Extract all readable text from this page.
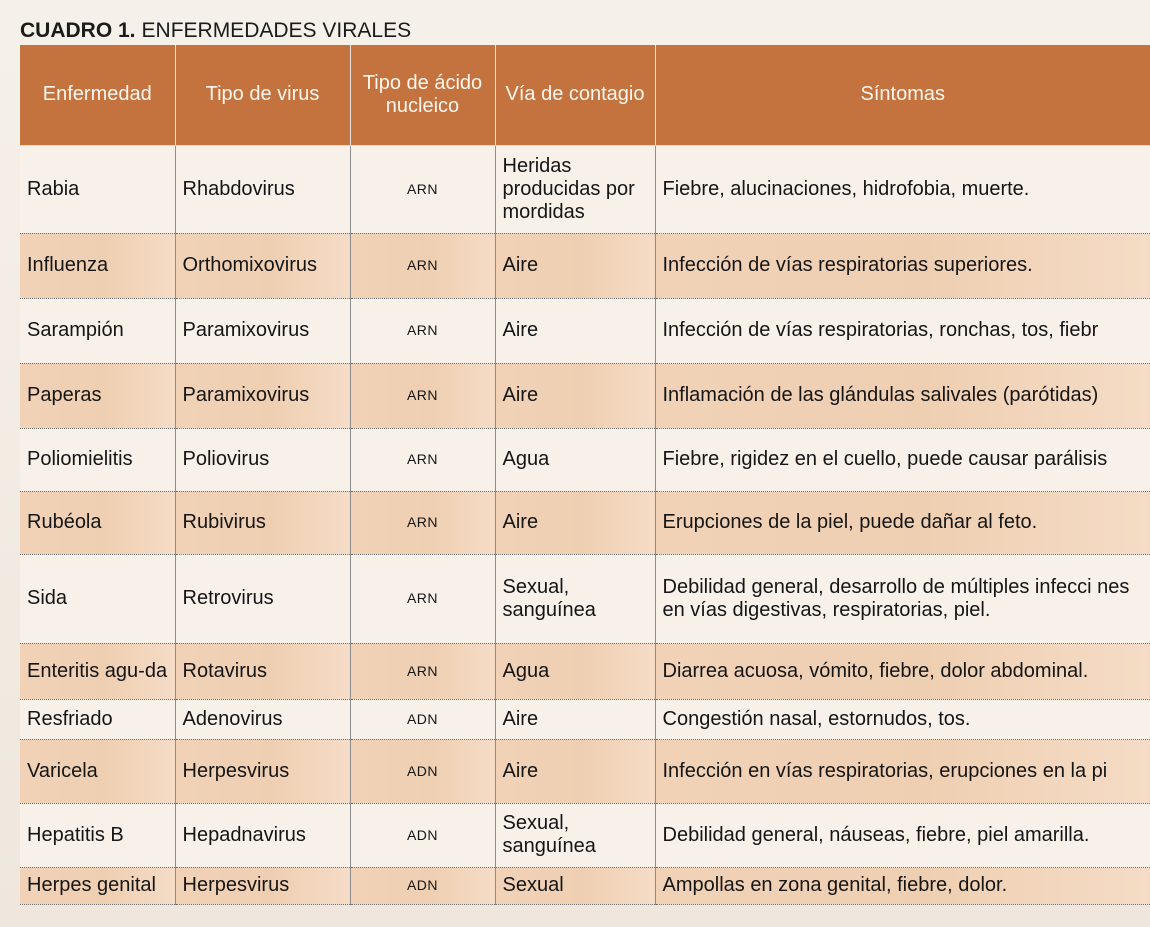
CUADRO 1. ENFERMEDADES VIRALES
Enfermedad	Tipo de virus	Tipo de ácido nucleico	Vía de contagio	Síntomas
Rabia	Rhabdovirus	ARN	Heridas producidas por mordidas	Fiebre, alucinaciones, hidrofobia, muerte.
Influenza	Orthomixovirus	ARN	Aire	Infección de vías respiratorias superiores.
Sarampión	Paramixovirus	ARN	Aire	Infección de vías respiratorias, ronchas, tos, fiebr
Paperas	Paramixovirus	ARN	Aire	Inflamación de las glándulas salivales (parótidas)
Poliomielitis	Poliovirus	ARN	Agua	Fiebre, rigidez en el cuello, puede causar parálisis
Rubéola	Rubivirus	ARN	Aire	Erupciones de la piel, puede dañar al feto.
Sida	Retrovirus	ARN	Sexual, sanguínea	Debilidad general, desarrollo de múltiples infecci nes en vías digestivas, respiratorias, piel.
Enteritis agu-da	Rotavirus	ARN	Agua	Diarrea acuosa, vómito, fiebre, dolor abdominal.
Resfriado	Adenovirus	ADN	Aire	Congestión nasal, estornudos, tos.
Varicela	Herpesvirus	ADN	Aire	Infección en vías respiratorias, erupciones en la pi
Hepatitis B	Hepadnavirus	ADN	Sexual, sanguínea	Debilidad general, náuseas, fiebre, piel amarilla.
Herpes genital	Herpesvirus	ADN	Sexual	Ampollas en zona genital, fiebre, dolor.
